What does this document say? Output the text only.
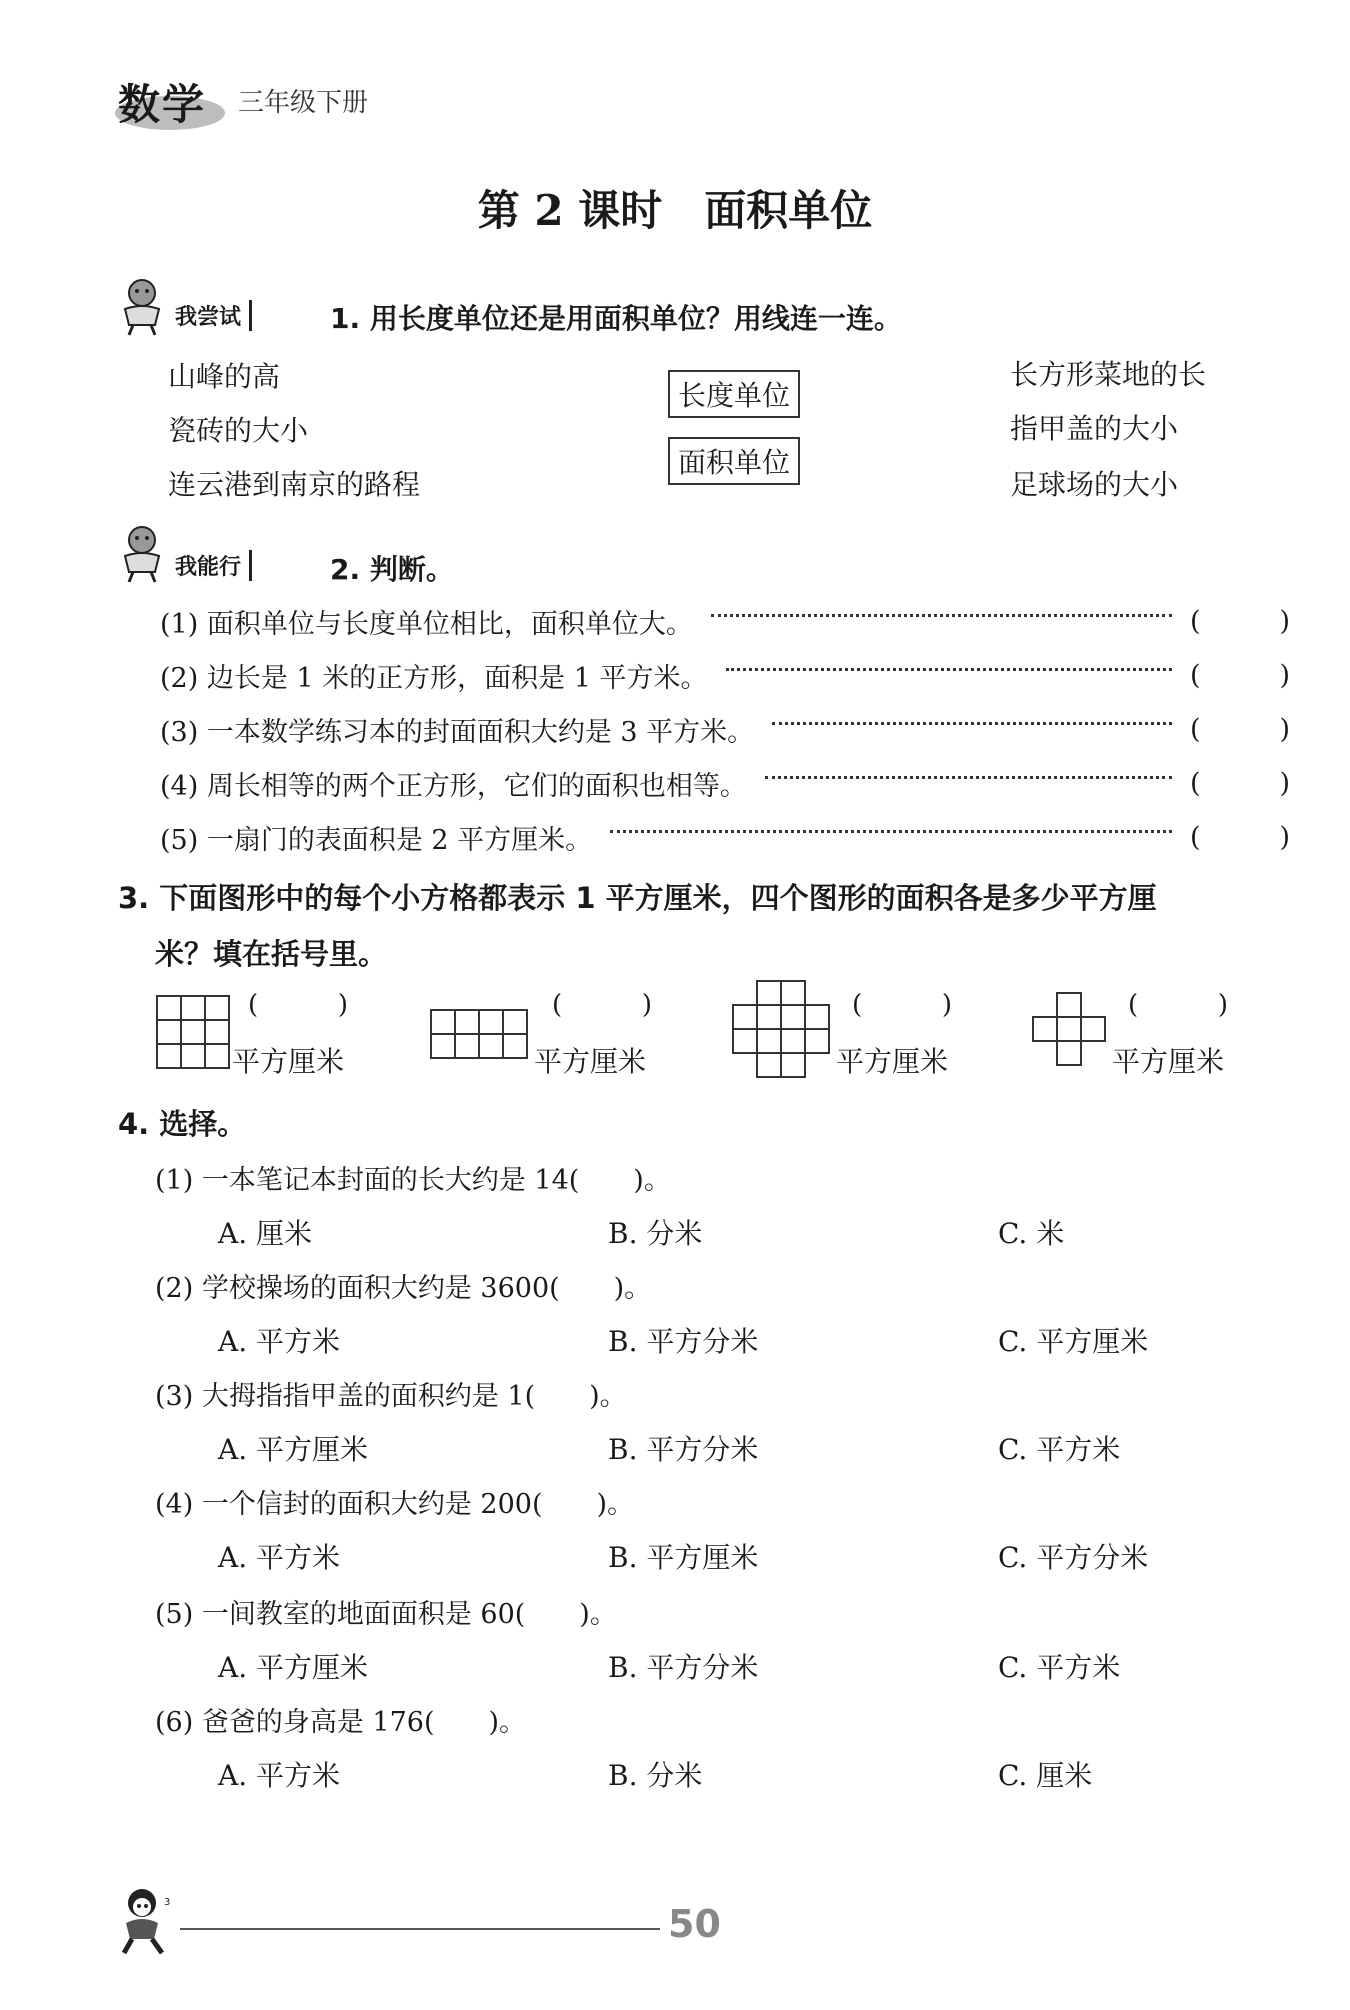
数学 三年级下册
第 2 课时　面积单位
我尝试	1. 用长度单位还是用面积单位？用线连一连。
山峰的高
瓷砖的大小
连云港到南京的路程
长度单位
面积单位
长方形菜地的长
指甲盖的大小
足球场的大小
我能行	2. 判断。
(1) 面积单位与长度单位相比，面积单位大。	(	)
(2) 边长是 1 米的正方形，面积是 1 平方米。	(	)
(3) 一本数学练习本的封面面积大约是 3 平方米。	(	)
(4) 周长相等的两个正方形，它们的面积也相等。	(	)
(5) 一扇门的表面积是 2 平方厘米。	(	)
3. 下面图形中的每个小方格都表示 1 平方厘米，四个图形的面积各是多少平方厘
米？填在括号里。
(	)
平方厘米
(	)
平方厘米
(	)
平方厘米
(	)
平方厘米
4. 选择。
(1) 一本笔记本封面的长大约是 14(　　)。
A. 厘米	B. 分米	C. 米
(2) 学校操场的面积大约是 3600(　　)。
A. 平方米	B. 平方分米	C. 平方厘米
(3) 大拇指指甲盖的面积约是 1(　　)。
A. 平方厘米	B. 平方分米	C. 平方米
(4) 一个信封的面积大约是 200(　　)。
A. 平方米	B. 平方厘米	C. 平方分米
(5) 一间教室的地面面积是 60(　　)。
A. 平方厘米	B. 平方分米	C. 平方米
(6) 爸爸的身高是 176(　　)。
A. 平方米	B. 分米	C. 厘米
3	50
